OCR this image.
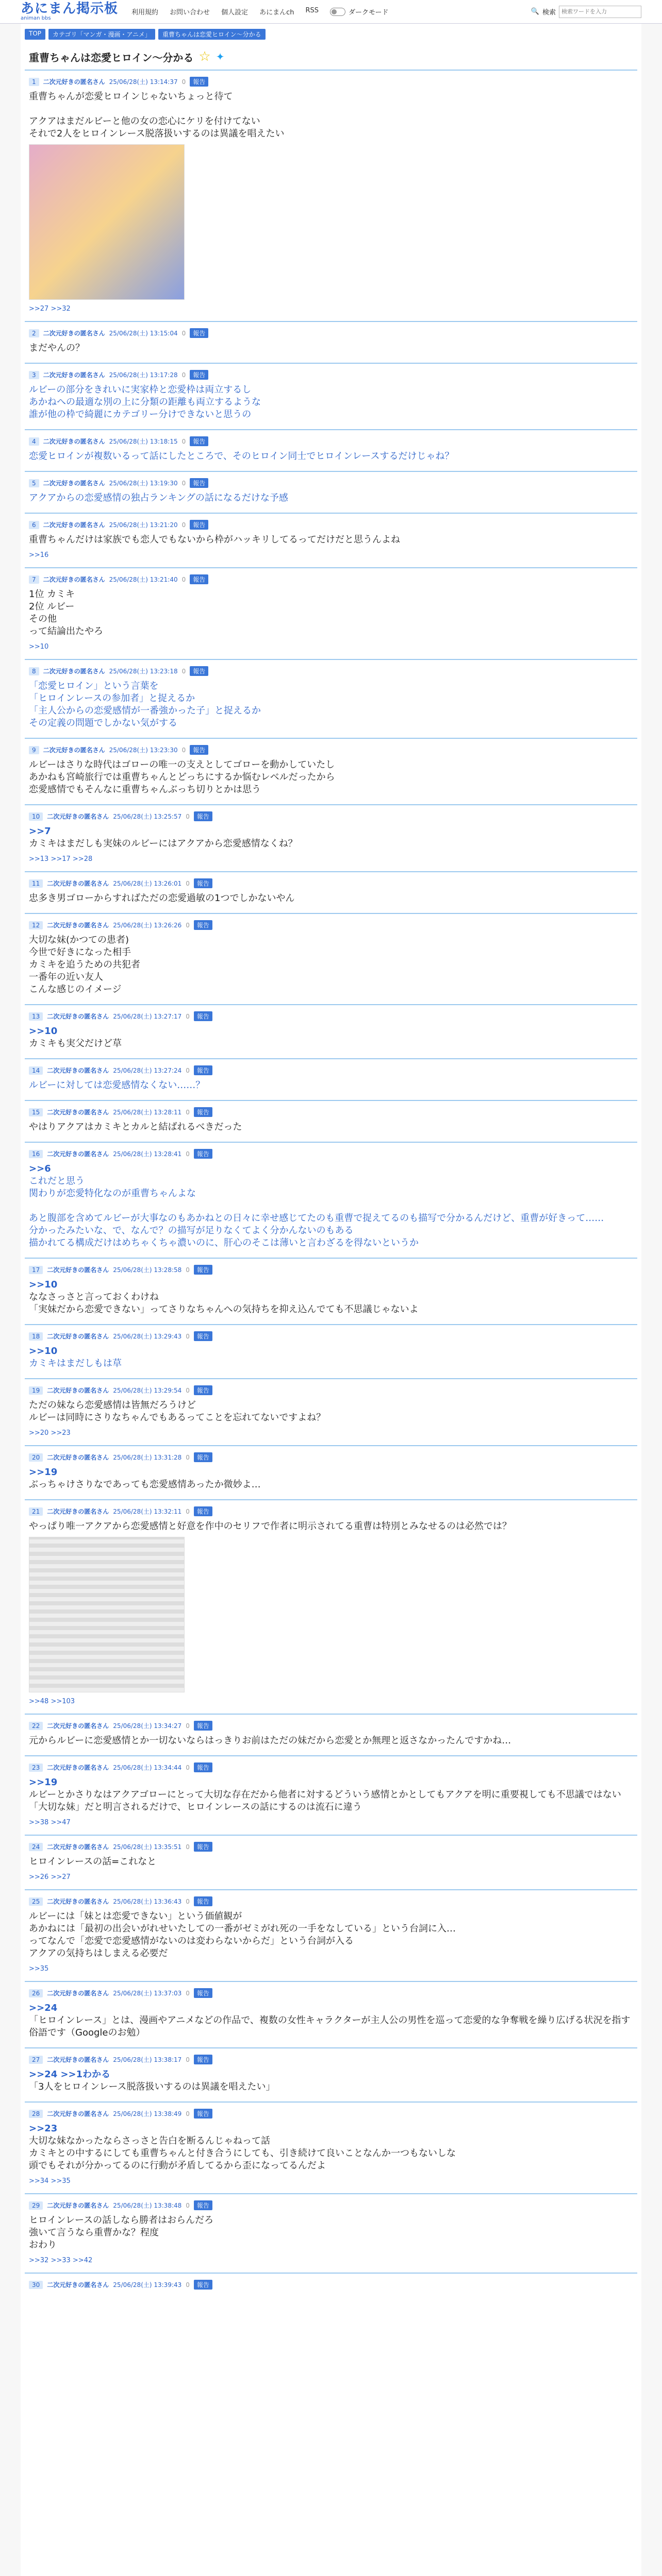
あにまん掲示板
animan bbs
利用規約 お問い合わせ 個人設定 あにまんch RSS	ダークモード	🔍 検索
検索ワードを入力
TOP	カテゴリ「マンガ・漫画・アニメ」	重曹ちゃんは恋愛ヒロイン～分かる
重曹ちゃんは恋愛ヒロイン～分かる ☆ ✦
1	二次元好きの匿名さん 25/06/28(土) 13:14:37 0	報告
重曹ちゃんが恋愛ヒロインじゃないちょっと待て

アクアはまだルビーと他の女の恋心にケリを付けてない
それで2人をヒロインレース脱落扱いするのは異議を唱えたい
>>27 >>32
2	二次元好きの匿名さん 25/06/28(土) 13:15:04 0	報告
まだやんの？
3	二次元好きの匿名さん 25/06/28(土) 13:17:28 0	報告
ルビーの部分をきれいに実家枠と恋愛枠は両立するし
あかねへの最適な別の上に分類の距離も両立するような
誰が他の枠で綺麗にカテゴリー分けできないと思うの
4	二次元好きの匿名さん 25/06/28(土) 13:18:15 0	報告
恋愛ヒロインが複数いるって話にしたところで、そのヒロイン同士でヒロインレースするだけじゃね？
5	二次元好きの匿名さん 25/06/28(土) 13:19:30 0	報告
アクアからの恋愛感情の独占ランキングの話になるだけな予感
6	二次元好きの匿名さん 25/06/28(土) 13:21:20 0	報告
重曹ちゃんだけは家族でも恋人でもないから枠がハッキリしてるってだけだと思うんよね
>>16
7	二次元好きの匿名さん 25/06/28(土) 13:21:40 0	報告
1位 カミキ
2位 ルビー
その他
って結論出たやろ
>>10
8	二次元好きの匿名さん 25/06/28(土) 13:23:18 0	報告
「恋愛ヒロイン」という言葉を
「ヒロインレースの参加者」と捉えるか
「主人公からの恋愛感情が一番強かった子」と捉えるか
その定義の問題でしかない気がする
9	二次元好きの匿名さん 25/06/28(土) 13:23:30 0	報告
ルビーはさりな時代はゴローの唯一の支えとしてゴローを動かしていたし
あかねも宮崎旅行では重曹ちゃんとどっちにするか悩むレベルだったから
恋愛感情でもそんなに重曹ちゃんぶっち切りとかは思う
10	二次元好きの匿名さん 25/06/28(土) 13:25:57 0	報告
>>7
カミキはまだしも実妹のルビーにはアクアから恋愛感情なくね？
>>13 >>17 >>28
11	二次元好きの匿名さん 25/06/28(土) 13:26:01 0	報告
忠多き男ゴローからすればただの恋愛過敏の1つでしかないやん
12	二次元好きの匿名さん 25/06/28(土) 13:26:26 0	報告
大切な妹(かつての患者)
今世で好きになった相手
カミキを追うための共犯者
一番年の近い友人
こんな感じのイメージ
13	二次元好きの匿名さん 25/06/28(土) 13:27:17 0	報告
>>10
カミキも実父だけど草
14	二次元好きの匿名さん 25/06/28(土) 13:27:24 0	報告
ルビーに対しては恋愛感情なくない……？
15	二次元好きの匿名さん 25/06/28(土) 13:28:11 0	報告
やはりアクアはカミキとカルと結ばれるべきだった
16	二次元好きの匿名さん 25/06/28(土) 13:28:41 0	報告
>>6
これだと思う
関わりが恋愛特化なのが重曹ちゃんよな

あと腹部を含めてルビーが大事なのもあかねとの日々に幸せ感じてたのも重曹で捉えてるのも描写で分かるんだけど、重曹が好きって……
分かったみたいな、で、なんで？の描写が足りなくてよく分かんないのもある
描かれてる構成だけはめちゃくちゃ濃いのに、肝心のそこは薄いと言わざるを得ないというか
17	二次元好きの匿名さん 25/06/28(土) 13:28:58 0	報告
>>10
ななさっさと言っておくわけね
「実妹だから恋愛できない」ってさりなちゃんへの気持ちを抑え込んでても不思議じゃないよ
18	二次元好きの匿名さん 25/06/28(土) 13:29:43 0	報告
>>10
カミキはまだしもは草
19	二次元好きの匿名さん 25/06/28(土) 13:29:54 0	報告
ただの妹なら恋愛感情は皆無だろうけど
ルビーは同時にさりなちゃんでもあるってことを忘れてないですよね？
>>20 >>23
20	二次元好きの匿名さん 25/06/28(土) 13:31:28 0	報告
>>19
ぶっちゃけさりなであっても恋愛感情あったか微妙よ…
21	二次元好きの匿名さん 25/06/28(土) 13:32:11 0	報告
やっぱり唯一アクアから恋愛感情と好意を作中のセリフで作者に明示されてる重曹は特別とみなせるのは必然では？
>>48 >>103
22	二次元好きの匿名さん 25/06/28(土) 13:34:27 0	報告
元からルビーに恋愛感情とか一切ないならはっきりお前はただの妹だから恋愛とか無理と返さなかったんですかね…
23	二次元好きの匿名さん 25/06/28(土) 13:34:44 0	報告
>>19
ルビーとかさりなはアクアゴローにとって大切な存在だから他者に対するどういう感情とかとしてもアクアを明に重要視しても不思議ではない
「大切な妹」だと明言されるだけで、ヒロインレースの話にするのは流石に違う
>>38 >>47
24	二次元好きの匿名さん 25/06/28(土) 13:35:51 0	報告
ヒロインレースの話=これなと
>>26 >>27
25	二次元好きの匿名さん 25/06/28(土) 13:36:43 0	報告
ルビーには「妹とは恋愛できない」という価値観が
あかねには「最初の出会いがれせいたしての一番がゼミがれ死の一手をなしている」という台詞に入…
ってなんで「恋愛で恋愛感情がないのは変わらないからだ」という台詞が入る
アクアの気持ちはしまえる必要だ
>>35
26	二次元好きの匿名さん 25/06/28(土) 13:37:03 0	報告
>>24
「ヒロインレース」とは、漫画やアニメなどの作品で、複数の女性キャラクターが主人公の男性を巡って恋愛的な争奪戦を繰り広げる状況を指す俗語です（Googleのお勉）
27	二次元好きの匿名さん 25/06/28(土) 13:38:17 0	報告
>>24 >>1わかる
「3人をヒロインレース脱落扱いするのは異議を唱えたい」
28	二次元好きの匿名さん 25/06/28(土) 13:38:49 0	報告
>>23
大切な妹なかったならさっさと告白を断るんじゃねって話
カミキとの中するにしても重曹ちゃんと付き合うにしても、引き続けて良いことなんか一つもないしな
頭でもそれが分かってるのに行動が矛盾してるから歪になってるんだよ
>>34 >>35
29	二次元好きの匿名さん 25/06/28(土) 13:38:48 0	報告
ヒロインレースの話しなら勝者はおらんだろ
強いて言うなら重曹かな？程度
おわり
>>32 >>33 >>42
30	二次元好きの匿名さん 25/06/28(土) 13:39:43 0	報告
